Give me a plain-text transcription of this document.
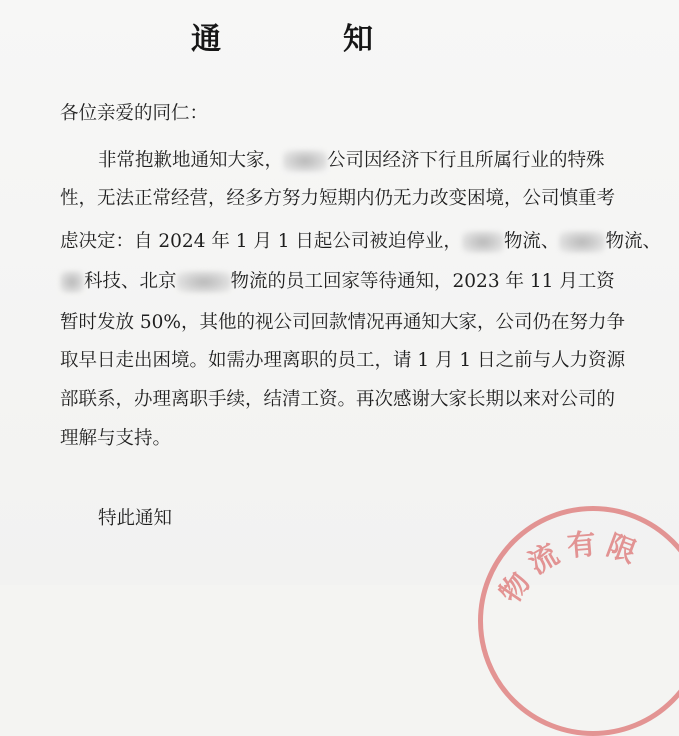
通　知
各位亲爱的同仁：
非常抱歉地通知大家， 公司因经济下行且所属行业的特殊
性，无法正常经营，经多方努力短期内仍无力改变困境，公司慎重考
虑决定：自 2024 年 1 月 1 日起公司被迫停业， 物流、 物流、
科技、北京	物流的员工回家等待通知，2023 年 11 月工资
暂时发放 50%，其他的视公司回款情况再通知大家，公司仍在努力争
取早日走出困境。如需办理离职的员工，请 1 月 1 日之前与人力资源
部联系，办理离职手续，结清工资。再次感谢大家长期以来对公司的
理解与支持。
特此通知
物流有限
